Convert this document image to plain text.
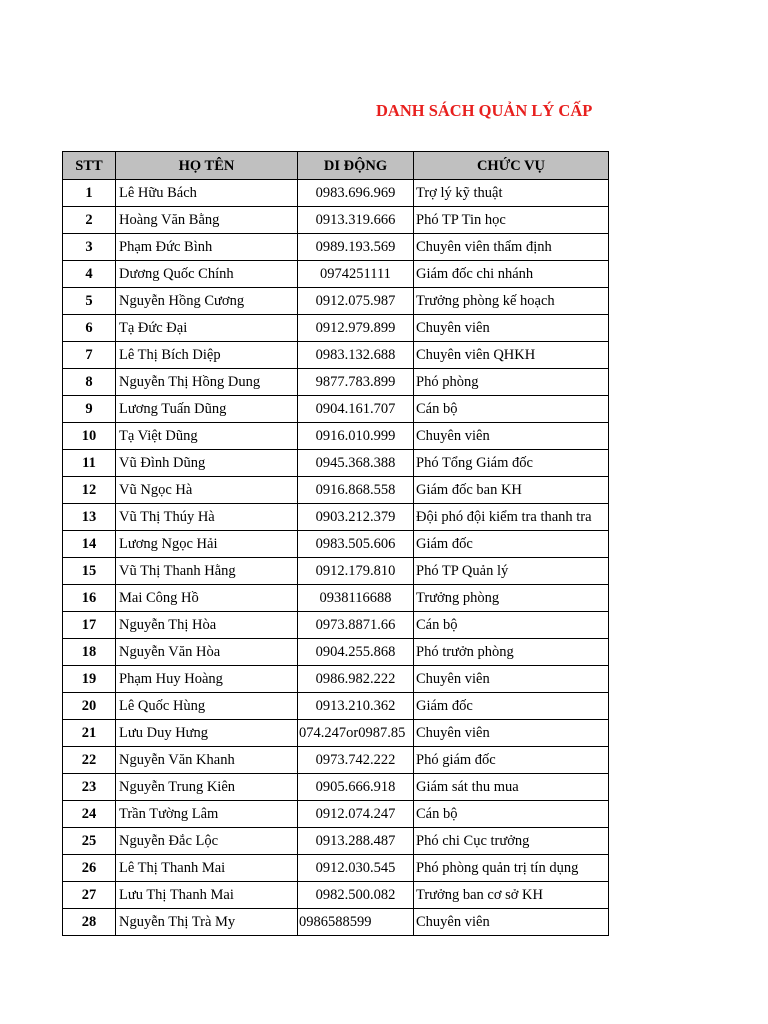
DANH SÁCH QUẢN LÝ CẤP
STT	HỌ TÊN	DI ĐỘNG	CHỨC VỤ
1	Lê Hữu Bách	0983.696.969	Trợ lý kỹ thuật
2	Hoàng Văn Bằng	0913.319.666	Phó TP Tin học
3	Phạm Đức Bình	0989.193.569	Chuyên viên thẩm định
4	Dương Quốc Chính	0974251111	Giám đốc chi nhánh
5	Nguyễn Hồng Cương	0912.075.987	Trưởng phòng kế hoạch
6	Tạ Đức Đại	0912.979.899	Chuyên viên
7	Lê Thị Bích Diệp	0983.132.688	Chuyên viên QHKH
8	Nguyễn Thị Hồng Dung	9877.783.899	Phó phòng
9	Lương Tuấn Dũng	0904.161.707	Cán bộ
10	Tạ Việt Dũng	0916.010.999	Chuyên viên
11	Vũ Đình Dũng	0945.368.388	Phó Tổng Giám đốc
12	Vũ Ngọc Hà	0916.868.558	Giám đốc ban KH
13	Vũ Thị Thúy Hà	0903.212.379	Đội phó đội kiểm tra thanh tra
14	Lương Ngọc Hải	0983.505.606	Giám đốc
15	Vũ Thị Thanh Hằng	0912.179.810	Phó TP Quản lý
16	Mai Công Hồ	0938116688	Trưởng phòng
17	Nguyễn Thị Hòa	0973.8871.66	Cán bộ
18	Nguyễn Văn Hòa	0904.255.868	Phó trưởn phòng
19	Phạm Huy Hoàng	0986.982.222	Chuyên viên
20	Lê Quốc Hùng	0913.210.362	Giám đốc
21	Lưu Duy Hưng	074.247or0987.85	Chuyên viên
22	Nguyễn Văn Khanh	0973.742.222	Phó giám đốc
23	Nguyễn Trung Kiên	0905.666.918	Giám sát thu mua
24	Trần Tường Lâm	0912.074.247	Cán bộ
25	Nguyễn Đắc Lộc	0913.288.487	Phó chi Cục trưởng
26	Lê Thị Thanh Mai	0912.030.545	Phó phòng quản trị tín dụng
27	Lưu Thị Thanh Mai	0982.500.082	Trưởng ban cơ sở KH
28	Nguyễn Thị Trà My	0986588599	Chuyên viên
